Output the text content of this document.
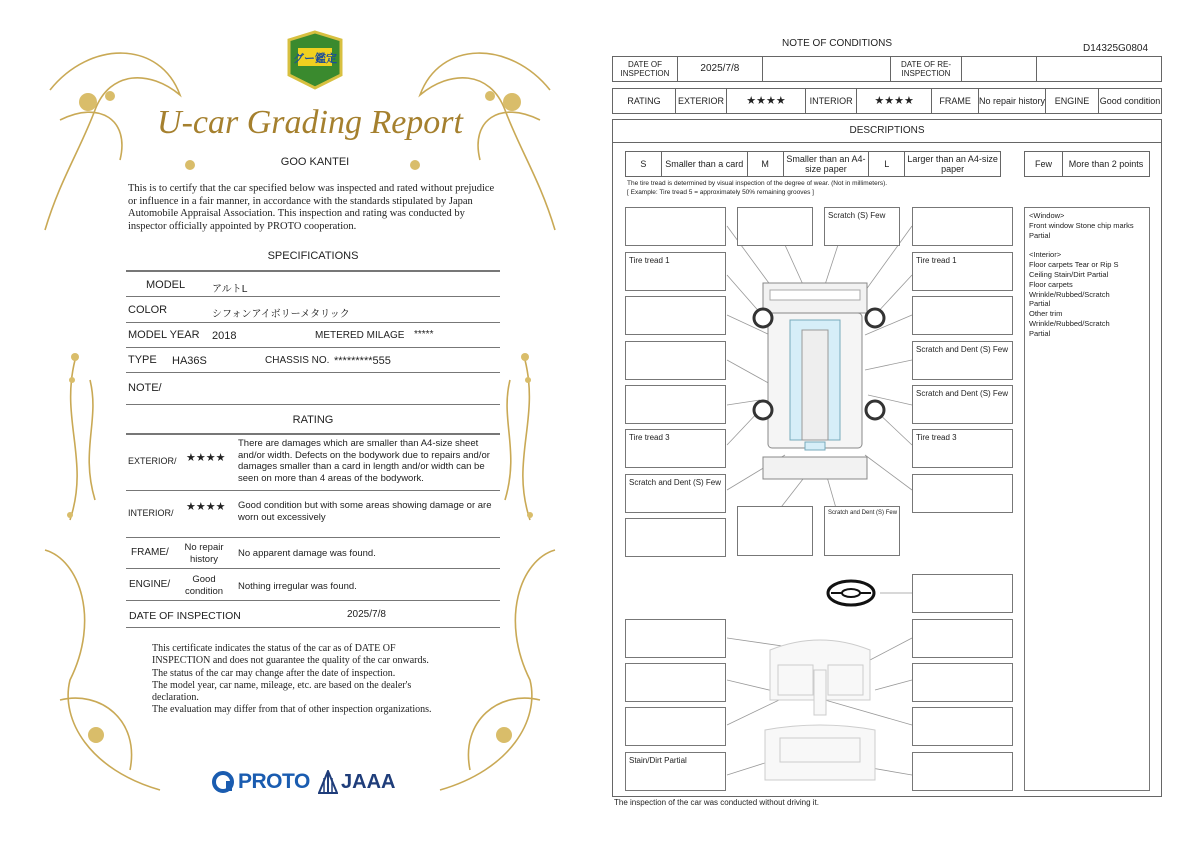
グー鑑定
U-car Grading Report
GOO KANTEI
This is to certify that the car specified below was inspected and rated without prejudice or influence in a fair manner, in accordance with the standards stipulated by Japan Automobile Appraisal Association. This inspection and rating was conducted by inspector officially appointed by PROTO cooperation.
SPECIFICATIONS
MODEL	アルトL
COLOR	シフォンアイボリーメタリック
MODEL YEAR 2018	METERED MILAGE *****
TYPE HA36S	CHASSIS NO. *********555
NOTE/
RATING
EXTERIOR/ ★★★★
There are damages which are smaller than A4-size sheet and/or width. Defects on the bodywork due to repairs and/or damages smaller than a card in length and/or width can be seen on more than 4 areas of the bodywork.
INTERIOR/ ★★★★ Good condition but with some areas showing damage or are worn out excessively
FRAME/	No repair history	No apparent damage was found.
ENGINE/	Good condition	Nothing irregular was found.
DATE OF INSPECTION	2025/7/8
This certificate indicates the status of the car as of DATE OF
INSPECTION and does not guarantee the quality of the car onwards.
The status of the car may change after the date of inspection.
The model year, car name, mileage, etc. are based on the dealer's
declaration.
The evaluation may differ from that of other inspection organizations.
PROTO JAAA
NOTE OF CONDITIONS	D14325G0804
DATE OF INSPECTION	2025/7/8		DATE OF RE-INSPECTION		
RATING	EXTERIOR	★★★★	INTERIOR	★★★★	FRAME	No repair history	ENGINE	Good condition
DESCRIPTIONS
S	Smaller than a card	M	Smaller than an A4-size paper	L	Larger than an A4-size paper
Few	More than 2 points
The tire tread is determined by visual inspection of the degree of wear. (Not in millimeters).
[ Example: Tire tread 5 = approximately 50% remaining grooves ]
Tire tread 1
Tire tread 3
Scratch and Dent (S) Few
Stain/Dirt Partial
Scratch (S) Few
Scratch and Dent (S) Few
Tire tread 1
Scratch and Dent (S) Few
Scratch and Dent (S) Few
Tire tread 3
<Window>
Front window Stone chip marks
Partial
<Interior>
Floor carpets Tear or Rip S
Ceiling Stain/Dirt Partial
Floor carpets
Wrinkle/Rubbed/Scratch
Partial
Other trim
Wrinkle/Rubbed/Scratch
Partial
The inspection of the car was conducted without driving it.
